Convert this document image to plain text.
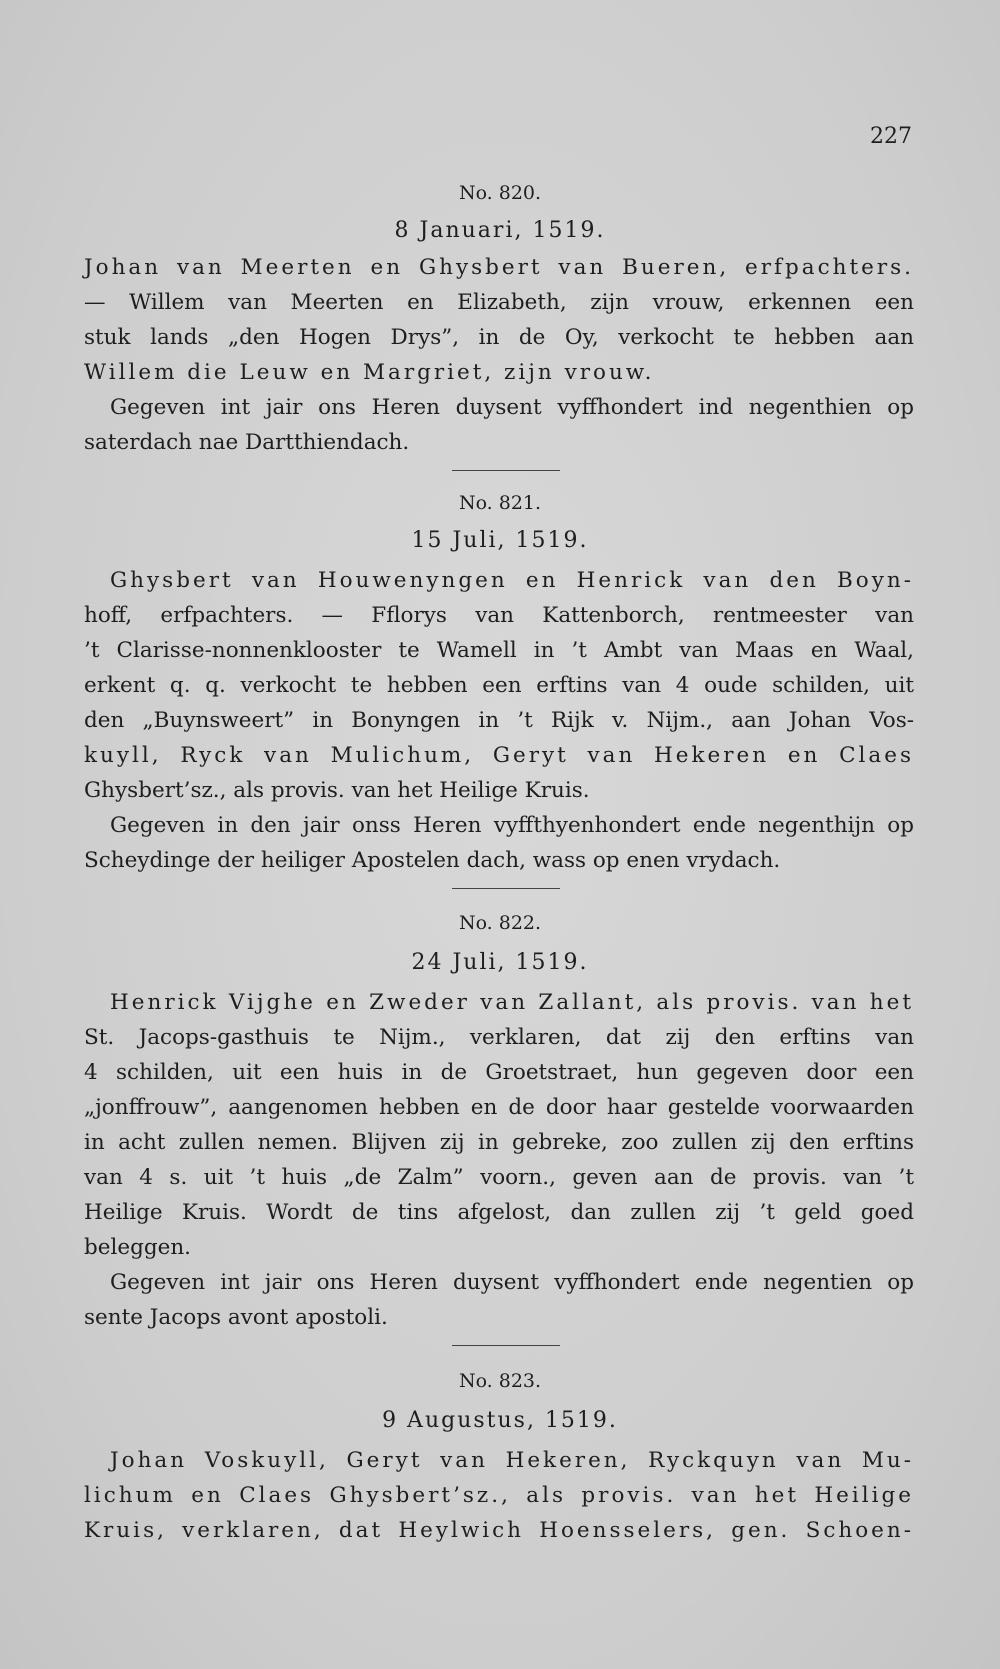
227
No. 820.
8 Januari, 1519.
Johan van Meerten en Ghysbert van Bueren, erfpachters.
— Willem van Meerten en Elizabeth, zijn vrouw, erkennen een
stuk lands „den Hogen Drys”, in de Oy, verkocht te hebben aan
Willem die Leuw en Margriet, zijn vrouw.
Gegeven int jair ons Heren duysent vyffhondert ind negenthien op
saterdach nae Dartthiendach.
No. 821.
15 Juli, 1519.
Ghysbert van Houwenyngen en Henrick van den Boyn-
hoff, erfpachters. — Fflorys van Kattenborch, rentmeester van
’t Clarisse-nonnenklooster te Wamell in ’t Ambt van Maas en Waal,
erkent q. q. verkocht te hebben een erftins van 4 oude schilden, uit
den „Buynsweert” in Bonyngen in ’t Rijk v. Nijm., aan Johan Vos-
kuyll, Ryck van Mulichum, Geryt van Hekeren en Claes
Ghysbert’sz., als provis. van het Heilige Kruis.
Gegeven in den jair onss Heren vyffthyenhondert ende negenthijn op
Scheydinge der heiliger Apostelen dach, wass op enen vrydach.
No. 822.
24 Juli, 1519.
Henrick Vijghe en Zweder van Zallant, als provis. van het
St. Jacops-gasthuis te Nijm., verklaren, dat zij den erftins van
4 schilden, uit een huis in de Groetstraet, hun gegeven door een
„jonffrouw”, aangenomen hebben en de door haar gestelde voorwaarden
in acht zullen nemen. Blijven zij in gebreke, zoo zullen zij den erftins
van 4 s. uit ’t huis „de Zalm” voorn., geven aan de provis. van ’t
Heilige Kruis. Wordt de tins afgelost, dan zullen zij ’t geld goed
beleggen.
Gegeven int jair ons Heren duysent vyffhondert ende negentien op
sente Jacops avont apostoli.
No. 823.
9 Augustus, 1519.
Johan Voskuyll, Geryt van Hekeren, Ryckquyn van Mu-
lichum en Claes Ghysbert’sz., als provis. van het Heilige
Kruis, verklaren, dat Heylwich Hoensselers, gen. Schoen-
